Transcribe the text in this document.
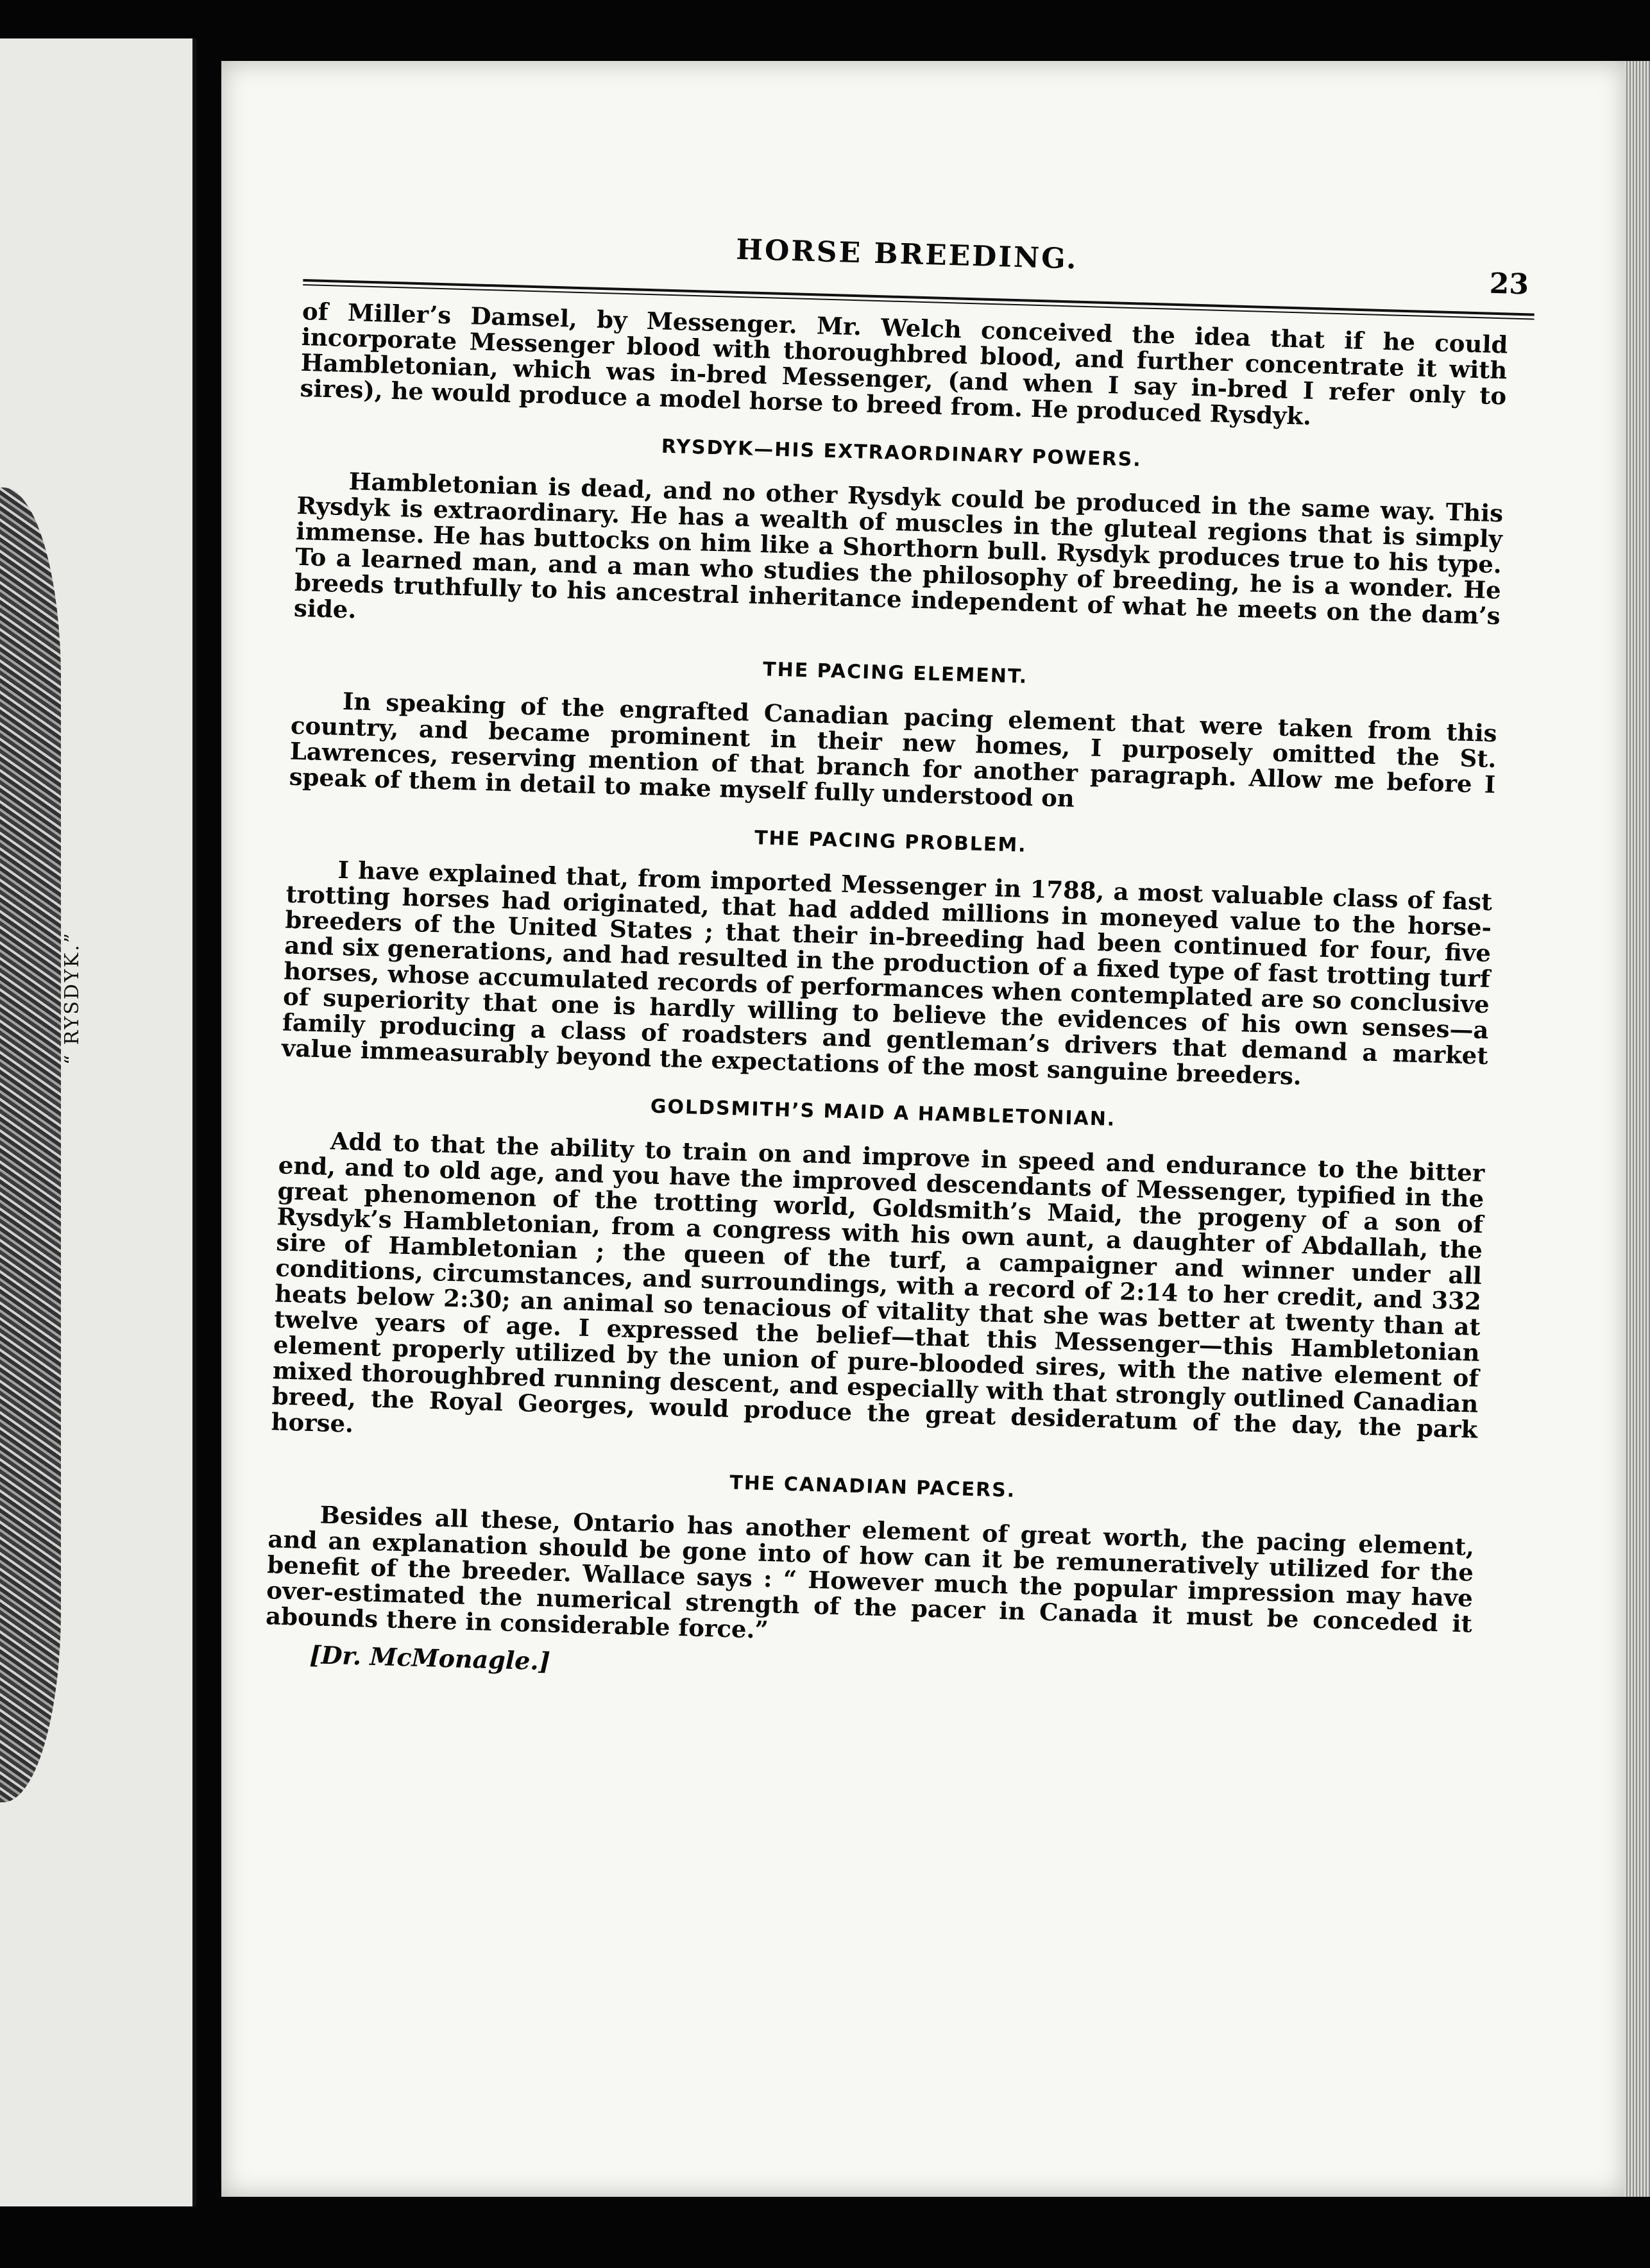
“ RYSDYK.”
HORSE BREEDING.
23

of Miller’s Damsel, by Messenger. Mr. Welch conceived the idea that if he could incorporate Messenger blood with thoroughbred blood, and further concentrate it with Hambletonian, which was in-bred Messenger, (and when I say in-bred I refer only to sires), he would produce a model horse to breed from. He produced Rysdyk.

RYSDYK—HIS EXTRAORDINARY POWERS.

Hambletonian is dead, and no other Rysdyk could be produced in the same way. This Rysdyk is extraordinary. He has a wealth of muscles in the gluteal regions that is simply immense. He has buttocks on him like a Shorthorn bull. Rysdyk produces true to his type. To a learned man, and a man who studies the philosophy of breeding, he is a wonder. He breeds truthfully to his ancestral inheritance independent of what he meets on the dam’s side.

THE PACING ELEMENT.

In speaking of the engrafted Canadian pacing element that were taken from this country, and became prominent in their new homes, I purposely omitted the St. Lawrences, reserving mention of that branch for another paragraph. Allow me before I speak of them in detail to make myself fully understood on

THE PACING PROBLEM.

I have explained that, from imported Messenger in 1788, a most valuable class of fast trotting horses had originated, that had added millions in moneyed value to the horse-breeders of the United States ; that their in-breeding had been continued for four, five and six generations, and had resulted in the production of a fixed type of fast trotting turf horses, whose accumulated records of performances when contemplated are so conclusive of superiority that one is hardly willing to believe the evidences of his own senses—a family producing a class of roadsters and gentleman’s drivers that demand a market value immeasurably beyond the expectations of the most sanguine breeders.

GOLDSMITH’S MAID A HAMBLETONIAN.

Add to that the ability to train on and improve in speed and endurance to the bitter end, and to old age, and you have the improved descendants of Messenger, typified in the great phenomenon of the trotting world, Goldsmith’s Maid, the progeny of a son of Rysdyk’s Hambletonian, from a congress with his own aunt, a daughter of Abdallah, the sire of Hambletonian ; the queen of the turf, a campaigner and winner under all conditions, circumstances, and surroundings, with a record of 2:14 to her credit, and 332 heats below 2:30; an animal so tenacious of vitality that she was better at twenty than at twelve years of age. I expressed the belief—that this Messenger—this Hambletonian element properly utilized by the union of pure-blooded sires, with the native element of mixed thoroughbred running descent, and especially with that strongly outlined Canadian breed, the Royal Georges, would produce the great desideratum of the day, the park horse.

THE CANADIAN PACERS.

Besides all these, Ontario has another element of great worth, the pacing element, and an explanation should be gone into of how can it be remuneratively utilized for the benefit of the breeder. Wallace says : “ However much the popular impression may have over-estimated the numerical strength of the pacer in Canada it must be conceded it abounds there in considerable force.”

[Dr. McMonagle.]
